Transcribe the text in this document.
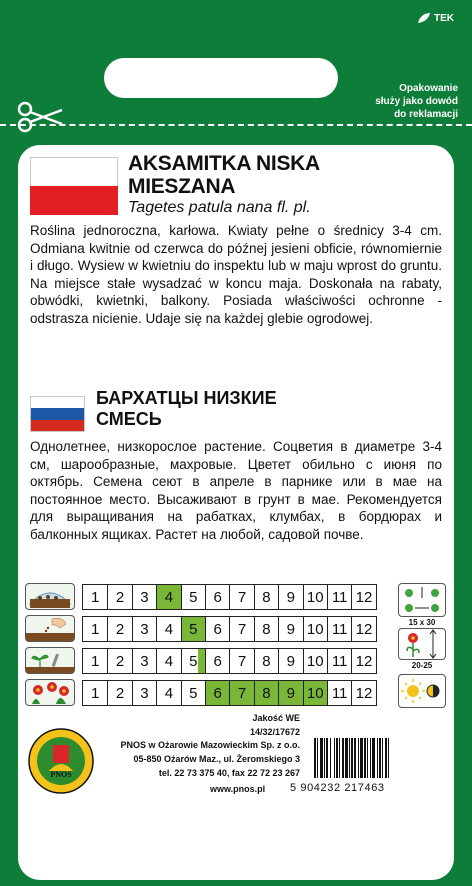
TEK
Opakowanie
służy jako dowód
do reklamacji
AKSAMITKA NISKA
MIESZANA
Tagetes patula nana fl. pl.
Roślina jednoroczna, karłowa. Kwiaty pełne o średnicy 3-4 cm. Odmiana kwitnie od czerwca do późnej jesieni obficie, równomiernie i długo. Wysiew w kwietniu do inspektu lub w maju wprost do gruntu. Na miejsce stałe wysadzać w koncu maja. Doskonała na rabaty, obwódki, kwietnki, balkony. Posiada właściwości ochronne - odstrasza nicienie. Udaje się na każdej glebie ogrodowej.
БАРХАТЦЫ НИЗКИЕ
СМЕСЬ
Однолетнее, низкорослое растение. Соцветия в диаметре 3-4 см, шарообразные, махровые. Цветет обильно с июня по октябрь. Семена сеют в апреле в парнике или в мае на постоянное место. Высаживают в грунт в мае. Рекомендуется для выращивания на рабатках, клумбах, в бордюрах и балконных ящиках. Растет на любой, садовой почве.
1	2	3	4	5	6	7	8	9 10 11 12
1	2	3	4	5	6	7	8	9 10 11 12
1	2	3	4	5	6	7	8	9 10 11 12
1	2	3	4	5	6	7	8	9 10 11 12
15 x 30
20-25
PNOS
Jakość WE
14/32/17672
PNOS w Ożarowie Mazowieckim Sp. z o.o.
05-850 Ożarów Maz., ul. Żeromskiego 3
tel. 22 73 375 40, fax 22 72 23 267
www.pnos.pl 5 904232 217463
